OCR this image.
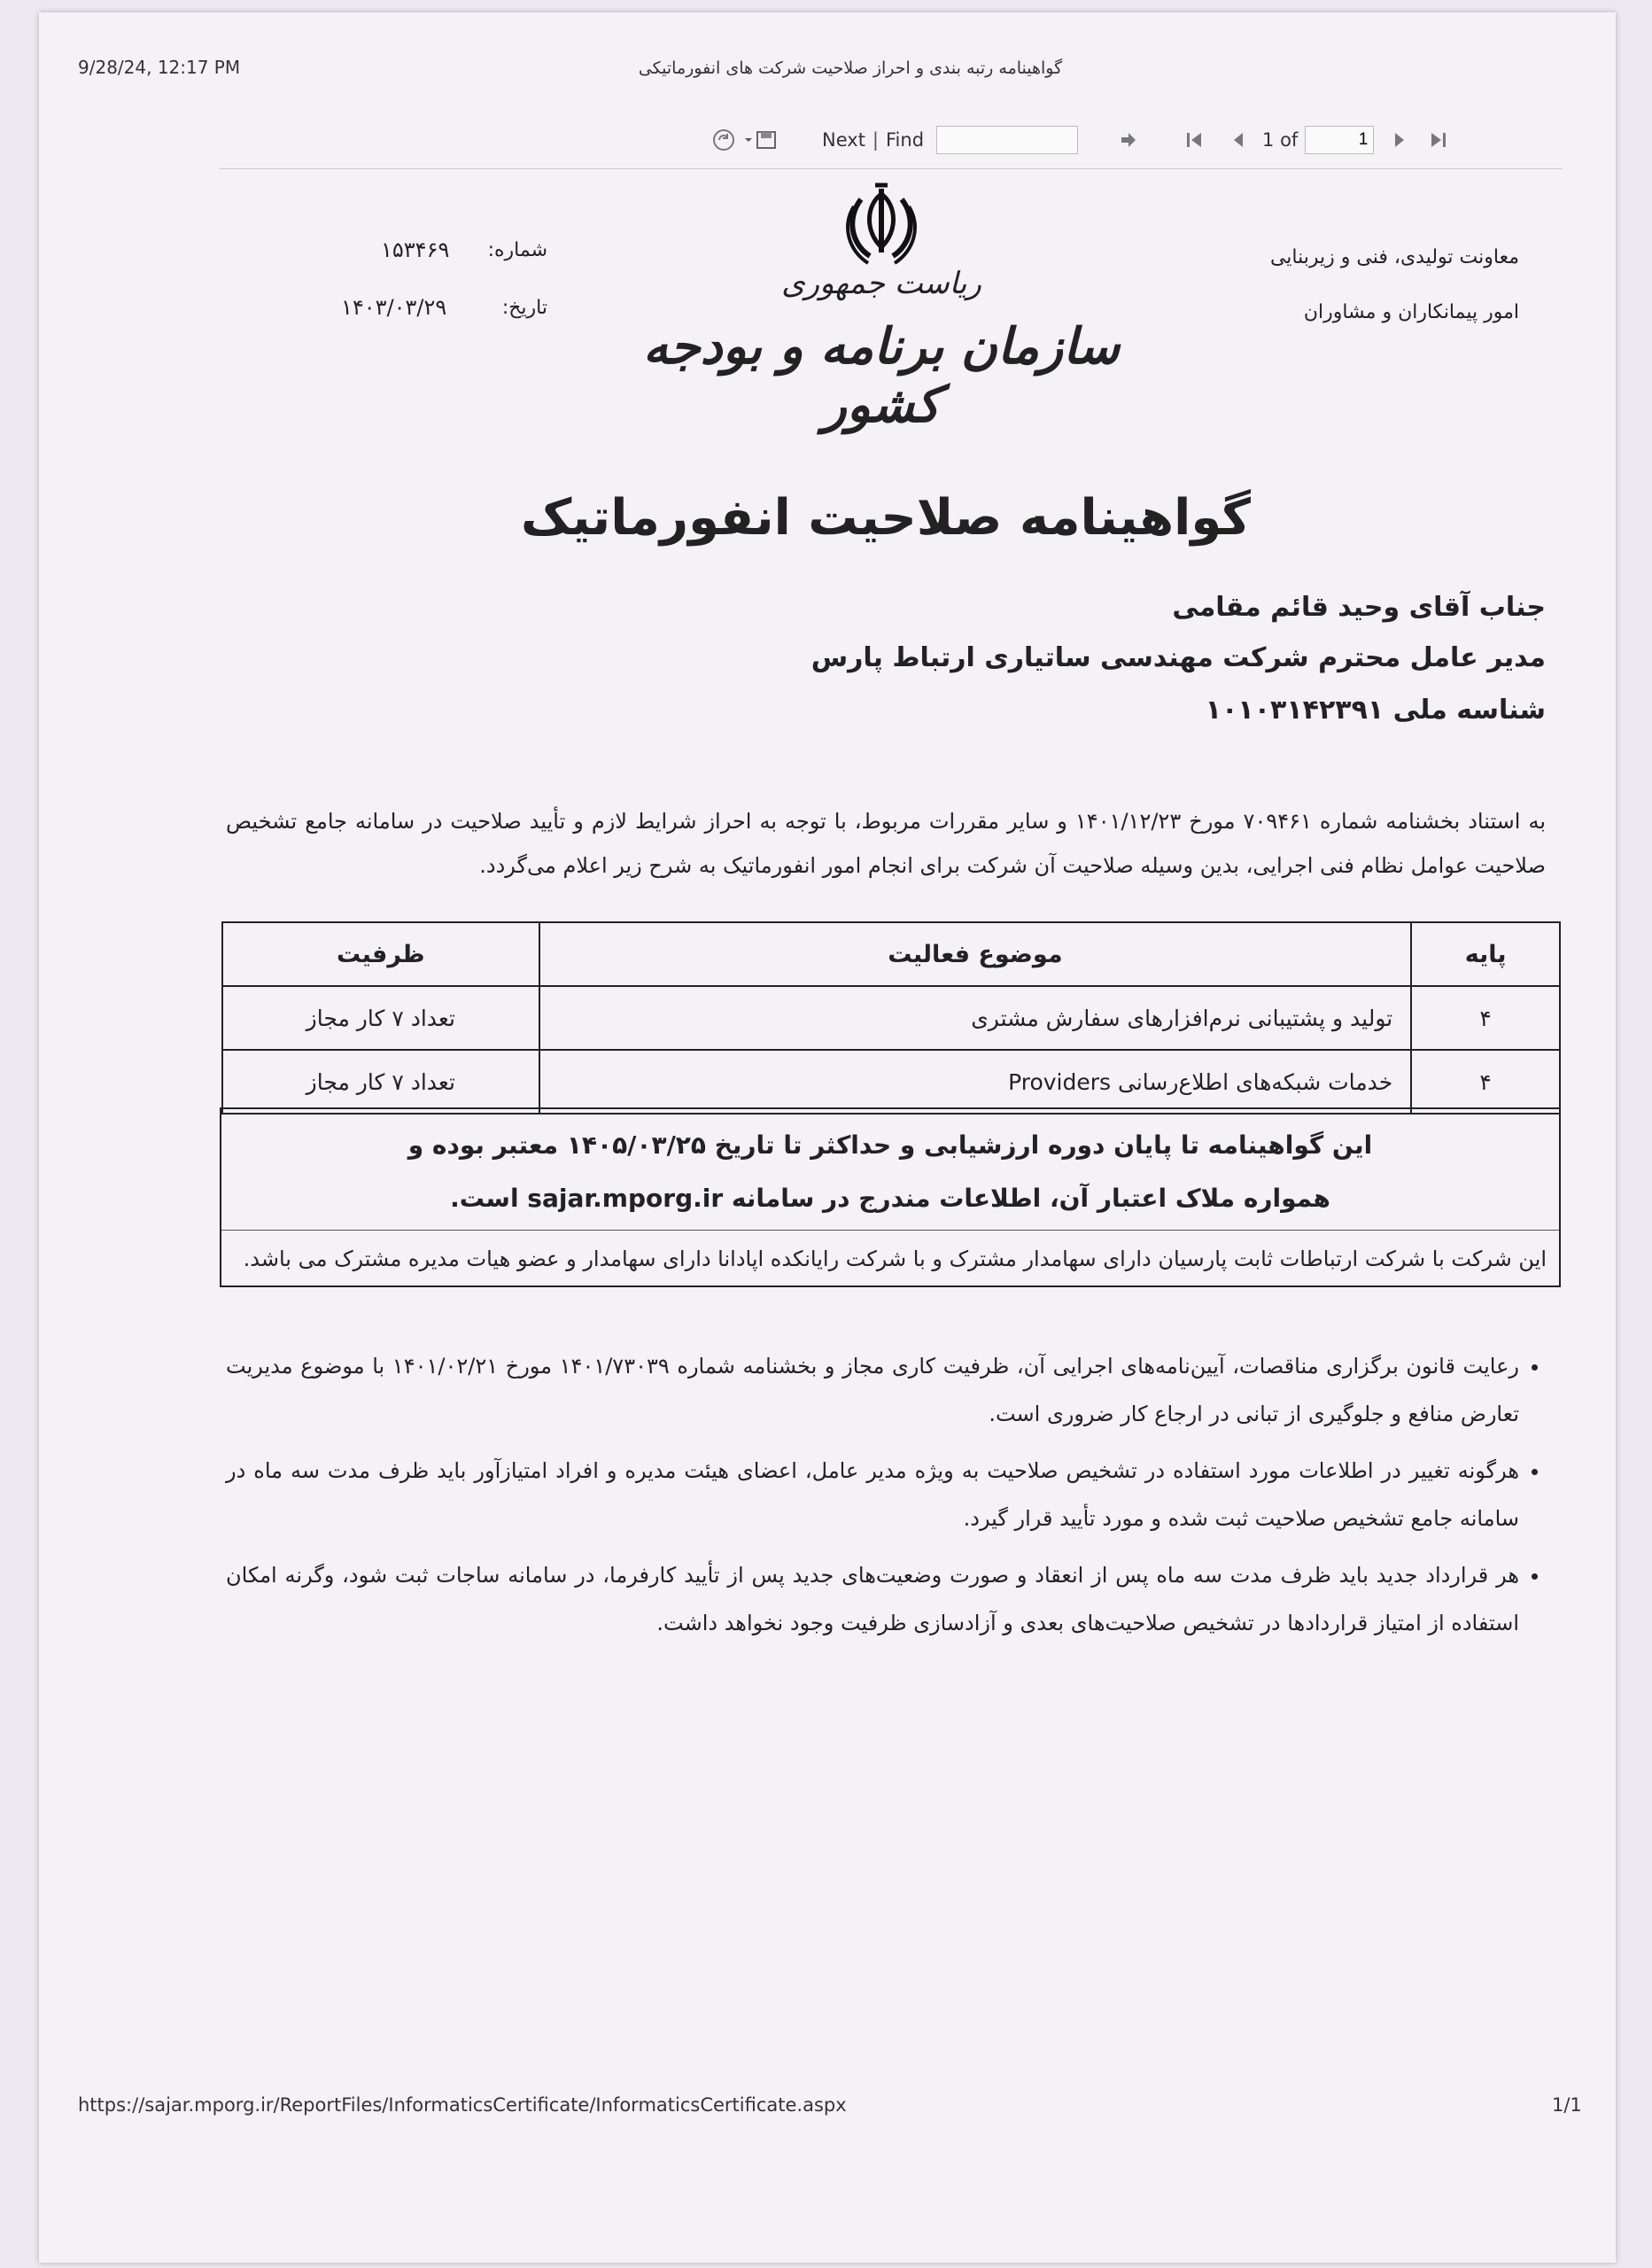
9/28/24, 12:17 PM	گواهینامه رتبه بندی و احراز صلاحیت شرکت های انفورماتیکی
Next | Find	1 of
1
ریاست جمهوری
سازمان برنامه و بودجه کشور
معاونت تولیدی، فنی و زیربنایی
امور پیمانکاران و مشاوران
شماره:
۱۵۳۴۶۹
تاریخ:
۱۴۰۳/۰۳/۲۹
گواهینامه صلاحیت انفورماتیک
جناب آقای وحید قائم مقامی
مدیر عامل محترم شرکت مهندسی ساتیاری ارتباط پارس
شناسه ملی ۱۰۱۰۳۱۴۲۳۹۱
به استناد بخشنامه شماره ۷۰۹۴۶۱ مورخ ۱۴۰۱/۱۲/۲۳ و سایر مقررات مربوط، با توجه به احراز شرایط لازم و تأیید صلاحیت در سامانه جامع تشخیص صلاحیت عوامل نظام فنی اجرایی، بدین وسیله صلاحیت آن شرکت برای انجام امور انفورماتیک به شرح زیر اعلام می‌گردد.
پایه	موضوع فعالیت	ظرفیت
۴	تولید و پشتیبانی نرم‌افزارهای سفارش مشتری	تعداد ۷ کار مجاز
۴	خدمات شبکه‌های اطلاع‌رسانی Providers	تعداد ۷ کار مجاز
این گواهینامه تا پایان دوره ارزشیابی و حداکثر تا تاریخ ۱۴۰۵/۰۳/۲۵ معتبر بوده و
همواره ملاک اعتبار آن، اطلاعات مندرج در سامانه sajar.mporg.ir است.
این شرکت با شرکت ارتباطات ثابت پارسیان دارای سهامدار مشترک و با شرکت رایانکده اپادانا دارای سهامدار و عضو هیات مدیره مشترک می باشد.
• رعایت قانون برگزاری مناقصات، آیین‌نامه‌های اجرایی آن، ظرفیت کاری مجاز و بخشنامه شماره ۱۴۰۱/۷۳۰۳۹ مورخ ۱۴۰۱/۰۲/۲۱ با موضوع مدیریت تعارض منافع و جلوگیری از تبانی در ارجاع کار ضروری است.
• هرگونه تغییر در اطلاعات مورد استفاده در تشخیص صلاحیت به ویژه مدیر عامل، اعضای هیئت مدیره و افراد امتیازآور باید ظرف مدت سه ماه در سامانه جامع تشخیص صلاحیت ثبت شده و مورد تأیید قرار گیرد.
• هر قرارداد جدید باید ظرف مدت سه ماه پس از انعقاد و صورت وضعیت‌های جدید پس از تأیید کارفرما، در سامانه ساجات ثبت شود، وگرنه امکان استفاده از امتیاز قراردادها در تشخیص صلاحیت‌های بعدی و آزادسازی ظرفیت وجود نخواهد داشت.
https://sajar.mporg.ir/ReportFiles/InformaticsCertificate/InformaticsCertificate.aspx	1/1
